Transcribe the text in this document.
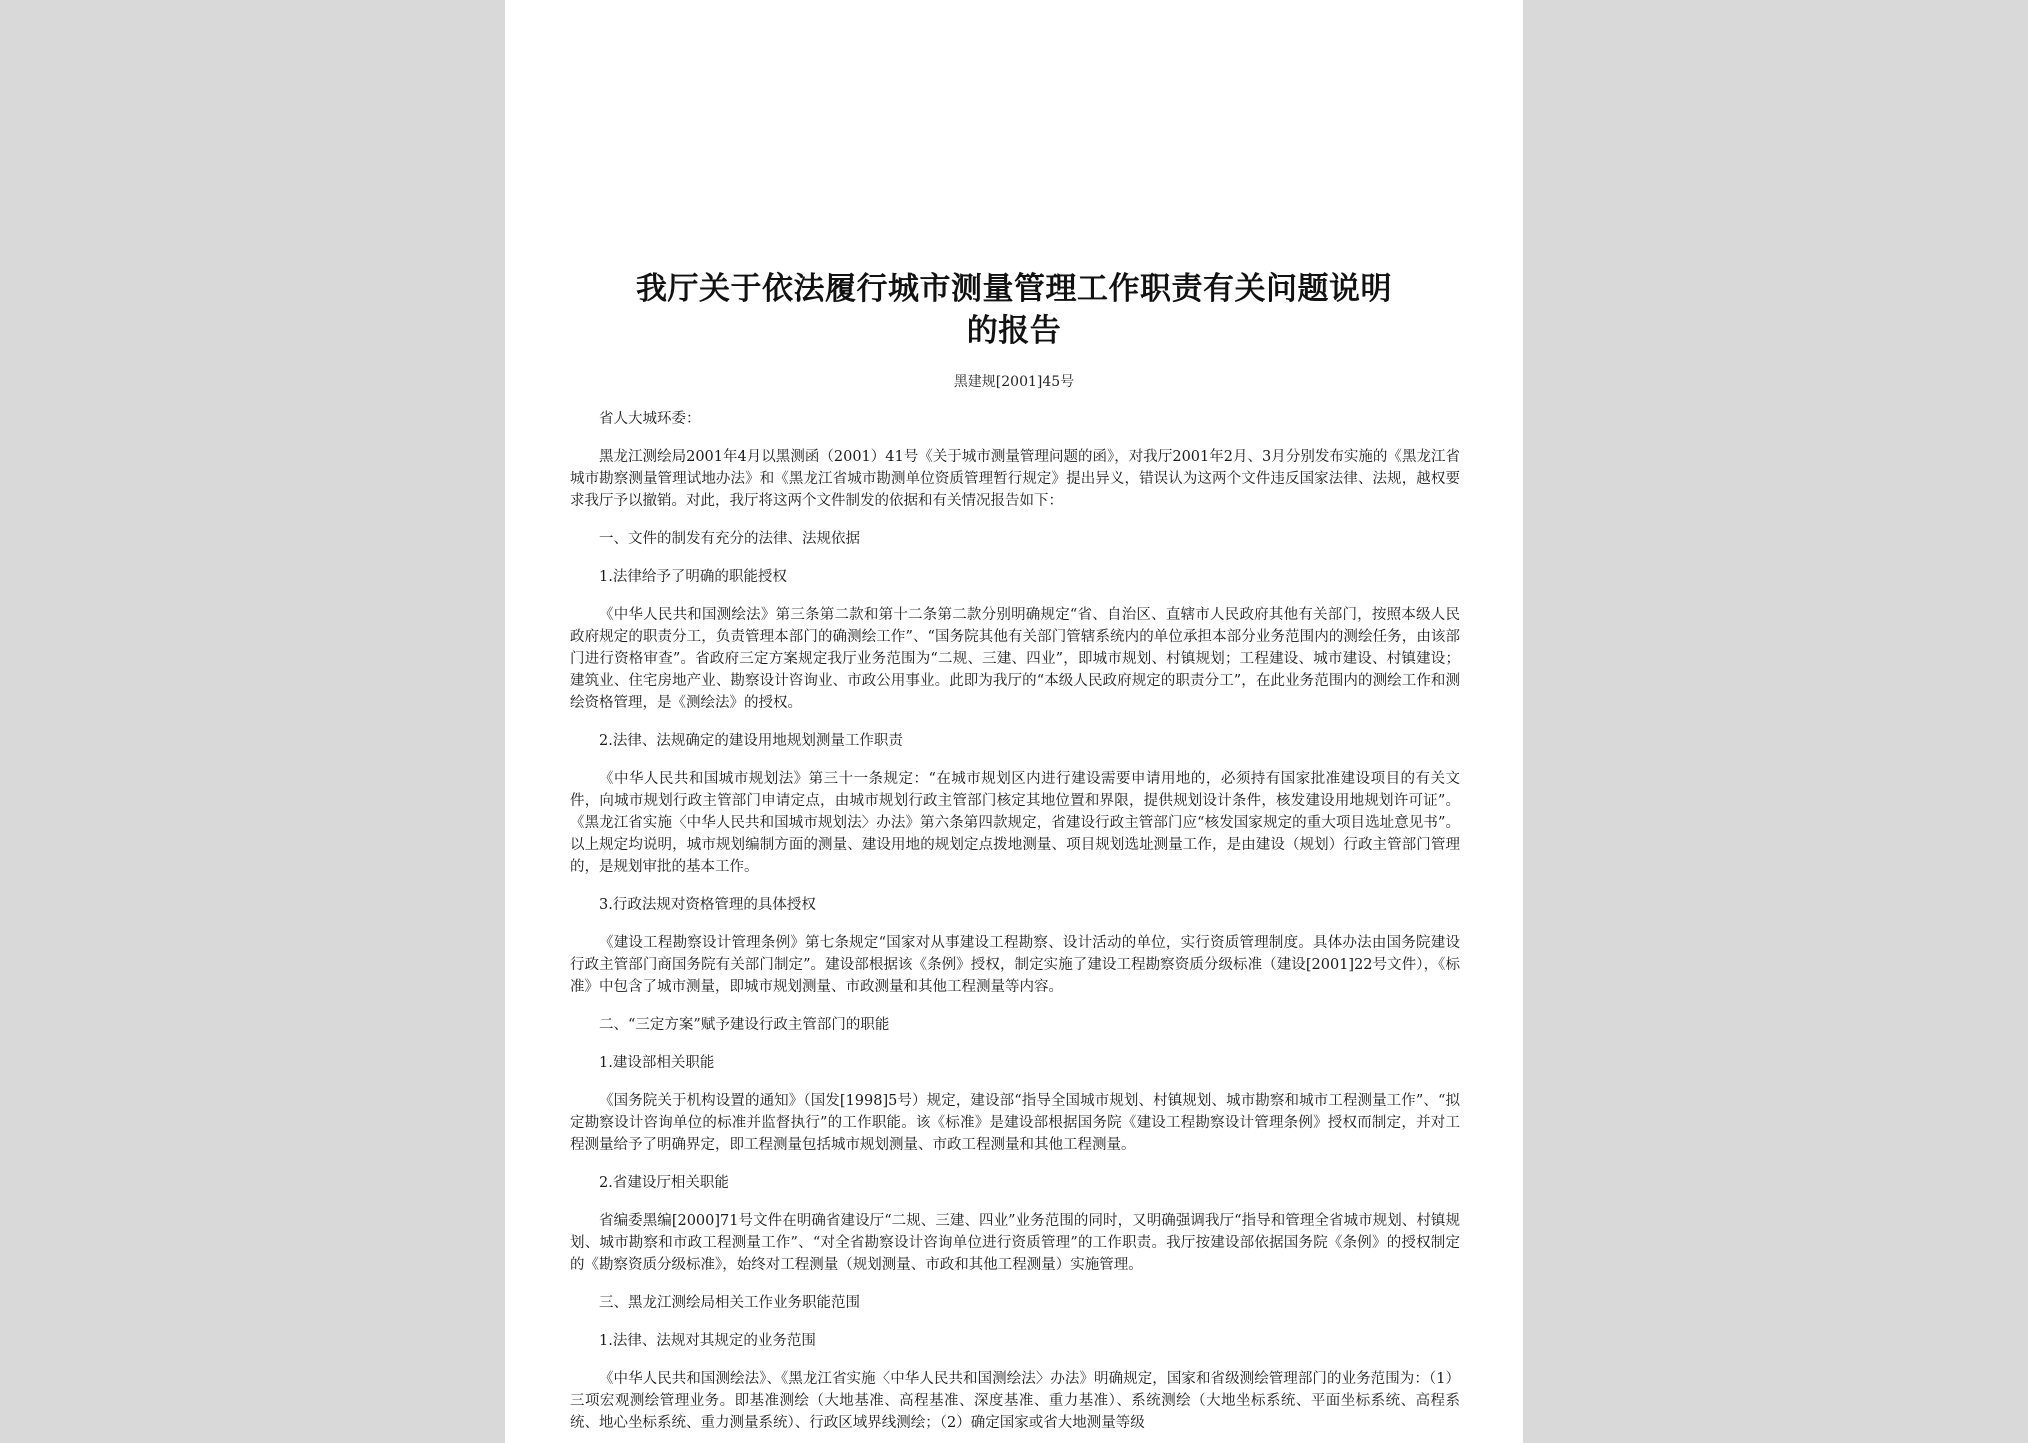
我厅关于依法履行城市测量管理工作职责有关问题说明
的报告
黑建规[2001]45号

省人大城环委：

黑龙江测绘局2001年4月以黑测函（2001）41号《关于城市测量管理问题的函》，对我厅2001年2月、3月分别发布实施的《黑龙江省城市勘察测量管理试地办法》和《黑龙江省城市勘测单位资质管理暂行规定》提出异义，错误认为这两个文件违反国家法律、法规，越权要求我厅予以撤销。对此，我厅将这两个文件制发的依据和有关情况报告如下：

一、文件的制发有充分的法律、法规依据

1.法律给予了明确的职能授权

《中华人民共和国测绘法》第三条第二款和第十二条第二款分别明确规定“省、自治区、直辖市人民政府其他有关部门，按照本级人民政府规定的职责分工，负责管理本部门的确测绘工作”、“国务院其他有关部门管辖系统内的单位承担本部分业务范围内的测绘任务，由该部门进行资格审查”。省政府三定方案规定我厅业务范围为“二规、三建、四业”，即城市规划、村镇规划；工程建设、城市建设、村镇建设；建筑业、住宅房地产业、勘察设计咨询业、市政公用事业。此即为我厅的“本级人民政府规定的职责分工”，在此业务范围内的测绘工作和测绘资格管理，是《测绘法》的授权。

2.法律、法规确定的建设用地规划测量工作职责

《中华人民共和国城市规划法》第三十一条规定：“在城市规划区内进行建设需要申请用地的，必须持有国家批准建设项目的有关文件，向城市规划行政主管部门申请定点，由城市规划行政主管部门核定其地位置和界限，提供规划设计条件，核发建设用地规划许可证”。《黑龙江省实施〈中华人民共和国城市规划法〉办法》第六条第四款规定，省建设行政主管部门应“核发国家规定的重大项目选址意见书”。以上规定均说明，城市规划编制方面的测量、建设用地的规划定点拨地测量、项目规划选址测量工作，是由建设（规划）行政主管部门管理的，是规划审批的基本工作。

3.行政法规对资格管理的具体授权

《建设工程勘察设计管理条例》第七条规定“国家对从事建设工程勘察、设计活动的单位，实行资质管理制度。具体办法由国务院建设行政主管部门商国务院有关部门制定”。建设部根据该《条例》授权，制定实施了建设工程勘察资质分级标准（建设[2001]22号文件），《标准》中包含了城市测量，即城市规划测量、市政测量和其他工程测量等内容。

二、“三定方案”赋予建设行政主管部门的职能

1.建设部相关职能

《国务院关于机构设置的通知》（国发[1998]5号）规定，建设部“指导全国城市规划、村镇规划、城市勘察和城市工程测量工作”、“拟定勘察设计咨询单位的标准并监督执行”的工作职能。该《标准》是建设部根据国务院《建设工程勘察设计管理条例》授权而制定，并对工程测量给予了明确界定，即工程测量包括城市规划测量、市政工程测量和其他工程测量。

2.省建设厅相关职能

省编委黑编[2000]71号文件在明确省建设厅“二规、三建、四业”业务范围的同时，又明确强调我厅“指导和管理全省城市规划、村镇规划、城市勘察和市政工程测量工作”、“对全省勘察设计咨询单位进行资质管理”的工作职责。我厅按建设部依据国务院《条例》的授权制定的《勘察资质分级标准》，始终对工程测量（规划测量、市政和其他工程测量）实施管理。

三、黑龙江测绘局相关工作业务职能范围

1.法律、法规对其规定的业务范围

《中华人民共和国测绘法》、《黑龙江省实施〈中华人民共和国测绘法〉办法》明确规定，国家和省级测绘管理部门的业务范围为：（1）三项宏观测绘管理业务。即基准测绘（大地基准、高程基准、深度基准、重力基准）、系统测绘（大地坐标系统、平面坐标系统、高程系统、地心坐标系统、重力测量系统）、行政区域界线测绘；（2）确定国家或省大地测量等级
